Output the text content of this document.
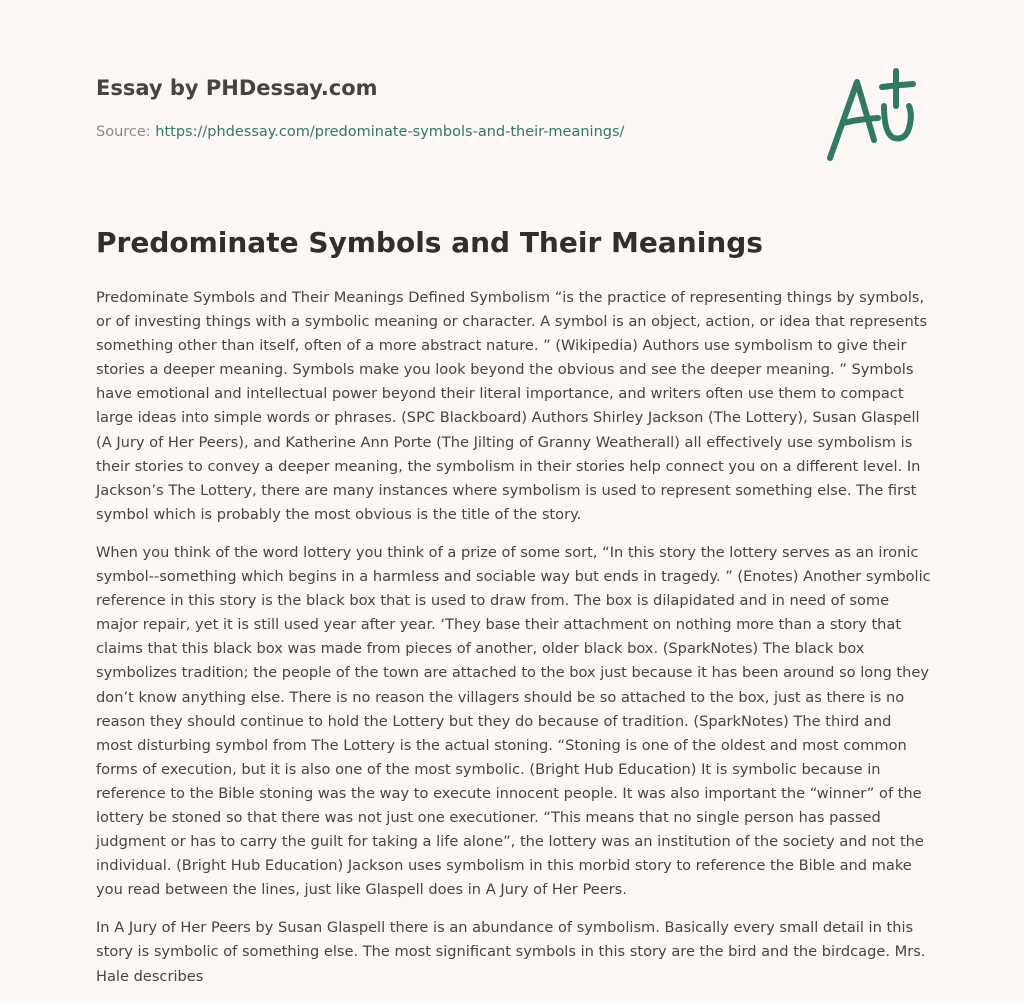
Essay by PHDessay.com
Source: https://phdessay.com/predominate-symbols-and-their-meanings/
Predominate Symbols and Their Meanings

Predominate Symbols and Their Meanings Defined Symbolism “is the practice of representing things by symbols, or of investing things with a symbolic meaning or character. A symbol is an object, action, or idea that represents something other than itself, often of a more abstract nature. ” (Wikipedia) Authors use symbolism to give their stories a deeper meaning. Symbols make you look beyond the obvious and see the deeper meaning. ” Symbols have emotional and intellectual power beyond their literal importance, and writers often use them to compact large ideas into simple words or phrases. (SPC Blackboard) Authors Shirley Jackson (The Lottery), Susan Glaspell (A Jury of Her Peers), and Katherine Ann Porte (The Jilting of Granny Weatherall) all effectively use symbolism is their stories to convey a deeper meaning, the symbolism in their stories help connect you on a different level. In Jackson’s The Lottery, there are many instances where symbolism is used to represent something else. The first symbol which is probably the most obvious is the title of the story.

When you think of the word lottery you think of a prize of some sort, “In this story the lottery serves as an ironic symbol--something which begins in a harmless and sociable way but ends in tragedy. ” (Enotes) Another symbolic reference in this story is the black box that is used to draw from. The box is dilapidated and in need of some major repair, yet it is still used year after year. ‘They base their attachment on nothing more than a story that claims that this black box was made from pieces of another, older black box. (SparkNotes) The black box symbolizes tradition; the people of the town are attached to the box just because it has been around so long they don’t know anything else. There is no reason the villagers should be so attached to the box, just as there is no reason they should continue to hold the Lottery but they do because of tradition. (SparkNotes) The third and most disturbing symbol from The Lottery is the actual stoning. “Stoning is one of the oldest and most common forms of execution, but it is also one of the most symbolic. (Bright Hub Education) It is symbolic because in reference to the Bible stoning was the way to execute innocent people. It was also important the “winner” of the lottery be stoned so that there was not just one executioner. “This means that no single person has passed judgment or has to carry the guilt for taking a life alone”, the lottery was an institution of the society and not the individual. (Bright Hub Education) Jackson uses symbolism in this morbid story to reference the Bible and make you read between the lines, just like Glaspell does in A Jury of Her Peers.

In A Jury of Her Peers by Susan Glaspell there is an abundance of symbolism. Basically every small detail in this story is symbolic of something else. The most significant symbols in this story are the bird and the birdcage. Mrs. Hale describes
